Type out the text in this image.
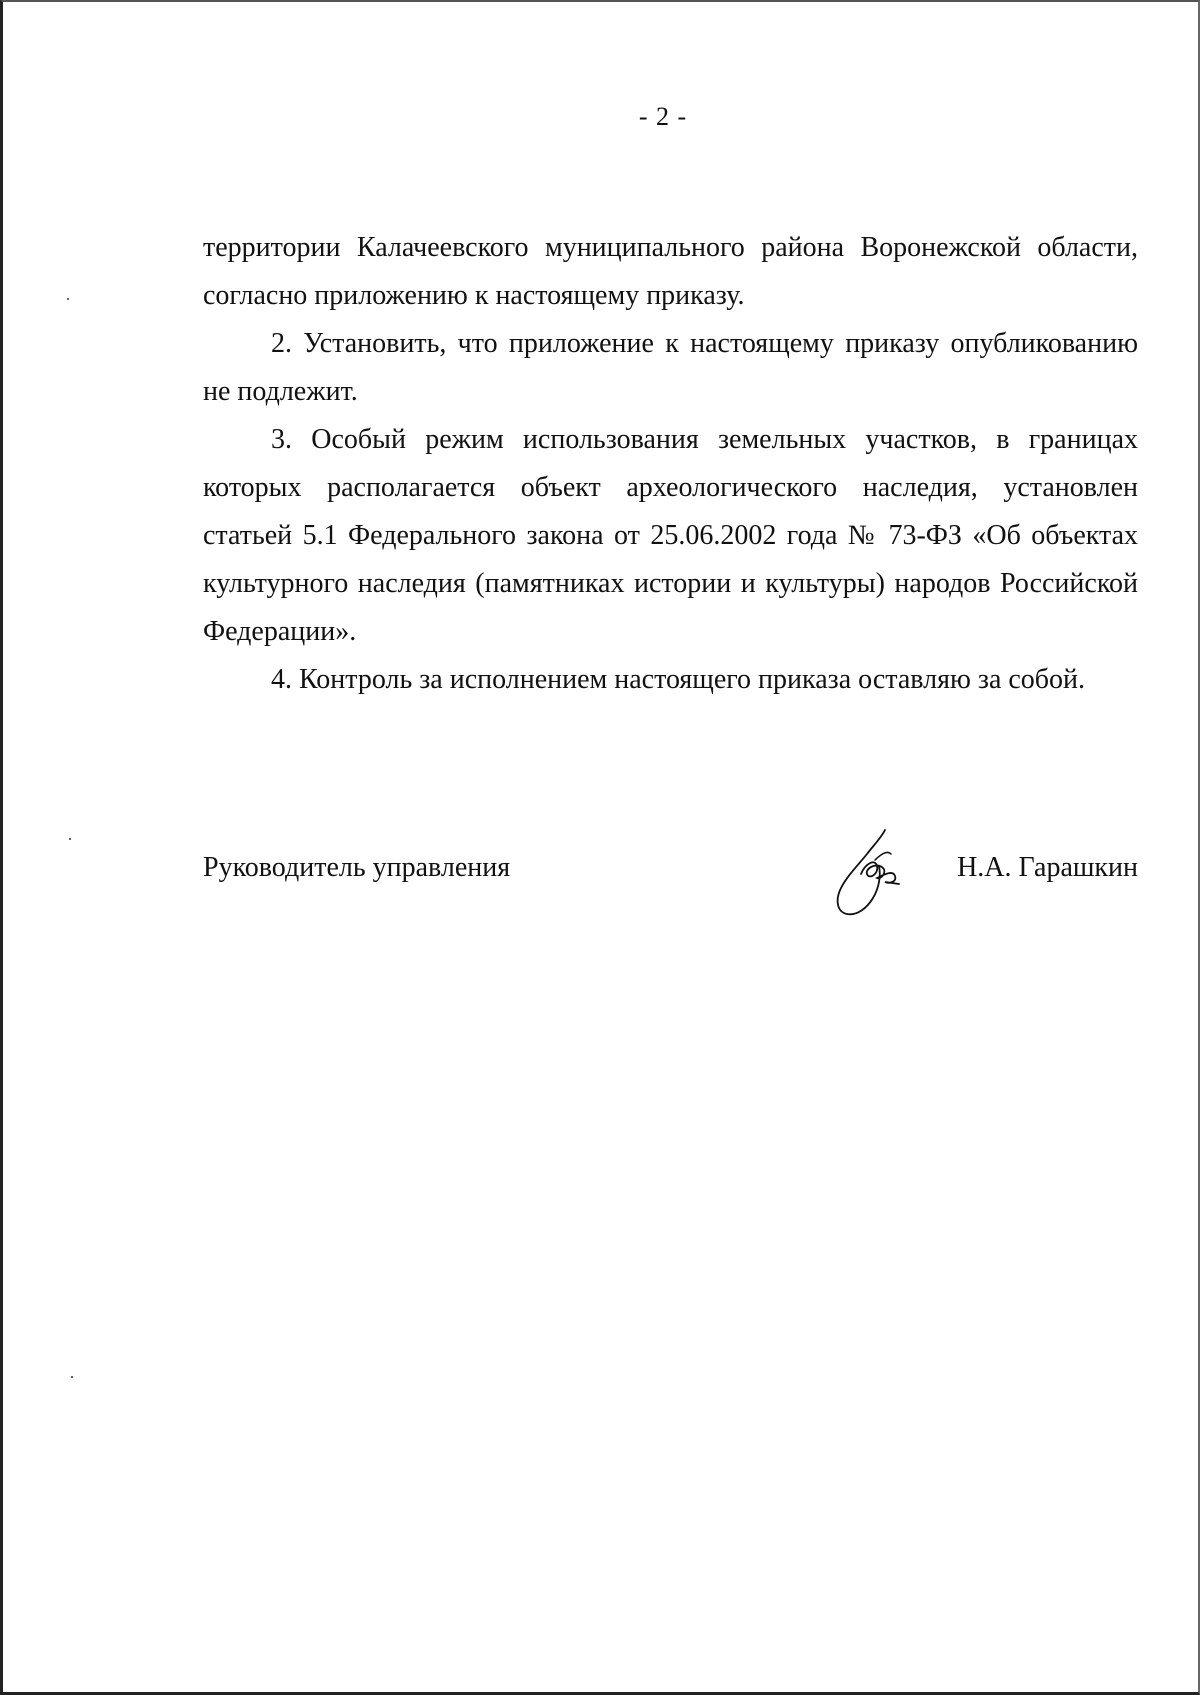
- 2 -

территории Калачеевского муниципального района Воронежской области, согласно приложению к настоящему приказу.

2. Установить, что приложение к настоящему приказу опубликованию не подлежит.

3. Особый режим использования земельных участков, в границах которых располагается объект археологического наследия, установлен статьей 5.1 Федерального закона от 25.06.2002 года № 73-ФЗ «Об объектах культурного наследия (памятниках истории и культуры) народов Российской Федерации».

4. Контроль за исполнением настоящего приказа оставляю за собой.

Руководитель управления	Н.А. Гарашкин
